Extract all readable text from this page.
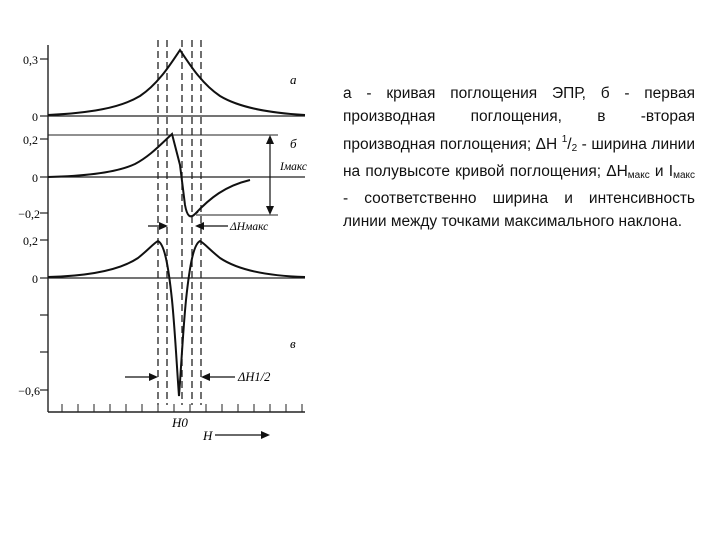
0,3
0
0,2
0
−0,2
0,2
0
−0,6
а
б
в
Iмакс
ΔHмакс
ΔH1/2
H0
H
а - кривая поглощения ЭПР, б - первая производная поглощения, в -вторая производная поглощения; ΔH $^1/_2$ - ширина линии на полувысоте кривой поглощения; $\Delta H_{макс}$ и $I_{макс}$ - соответственно ширина и интенсивность линии между точками максимального наклона.
